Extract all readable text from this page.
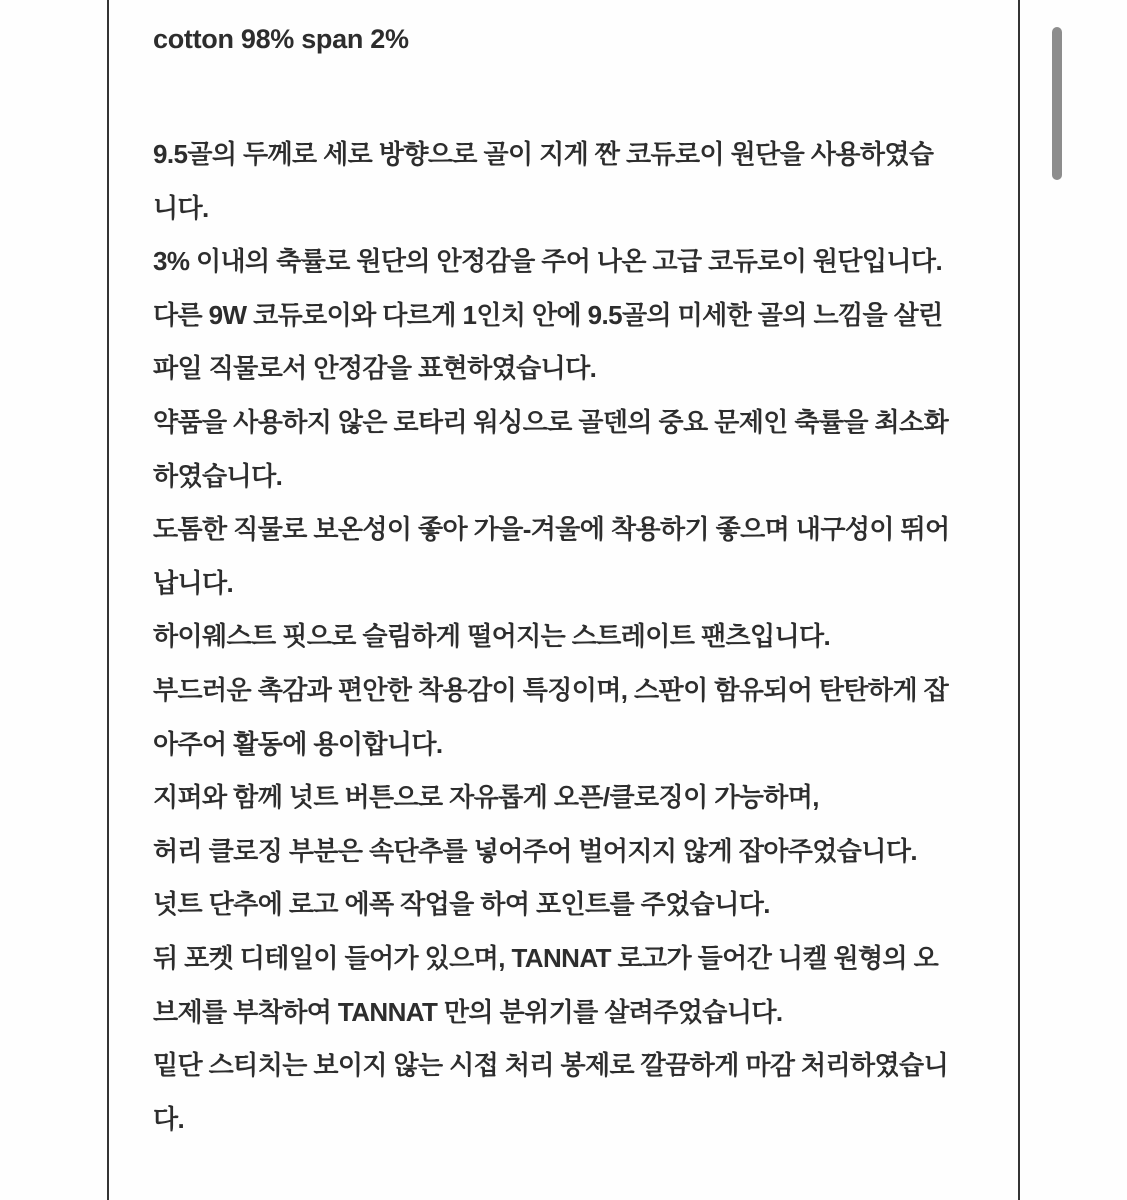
cotton 98% span 2%
9.5골의 두께로 세로 방향으로 골이 지게 짠 코듀로이 원단을 사용하였습
니다.
3% 이내의 축률로 원단의 안정감을 주어 나온 고급 코듀로이 원단입니다.
다른 9W 코듀로이와 다르게 1인치 안에 9.5골의 미세한 골의 느낌을 살린
파일 직물로서 안정감을 표현하였습니다.
약품을 사용하지 않은 로타리 워싱으로 골덴의 중요 문제인 축률을 최소화
하였습니다.
도톰한 직물로 보온성이 좋아 가을-겨울에 착용하기 좋으며 내구성이 뛰어
납니다.
하이웨스트 핏으로 슬림하게 떨어지는 스트레이트 팬츠입니다.
부드러운 촉감과 편안한 착용감이 특징이며, 스판이 함유되어 탄탄하게 잡
아주어 활동에 용이합니다.
지퍼와 함께 넛트 버튼으로 자유롭게 오픈/클로징이 가능하며,
허리 클로징 부분은 속단추를 넣어주어 벌어지지 않게 잡아주었습니다.
넛트 단추에 로고 에폭 작업을 하여 포인트를 주었습니다.
뒤 포켓 디테일이 들어가 있으며, TANNAT 로고가 들어간 니켈 원형의 오
브제를 부착하여 TANNAT 만의 분위기를 살려주었습니다.
밑단 스티치는 보이지 않는 시접 처리 봉제로 깔끔하게 마감 처리하였습니
다.
